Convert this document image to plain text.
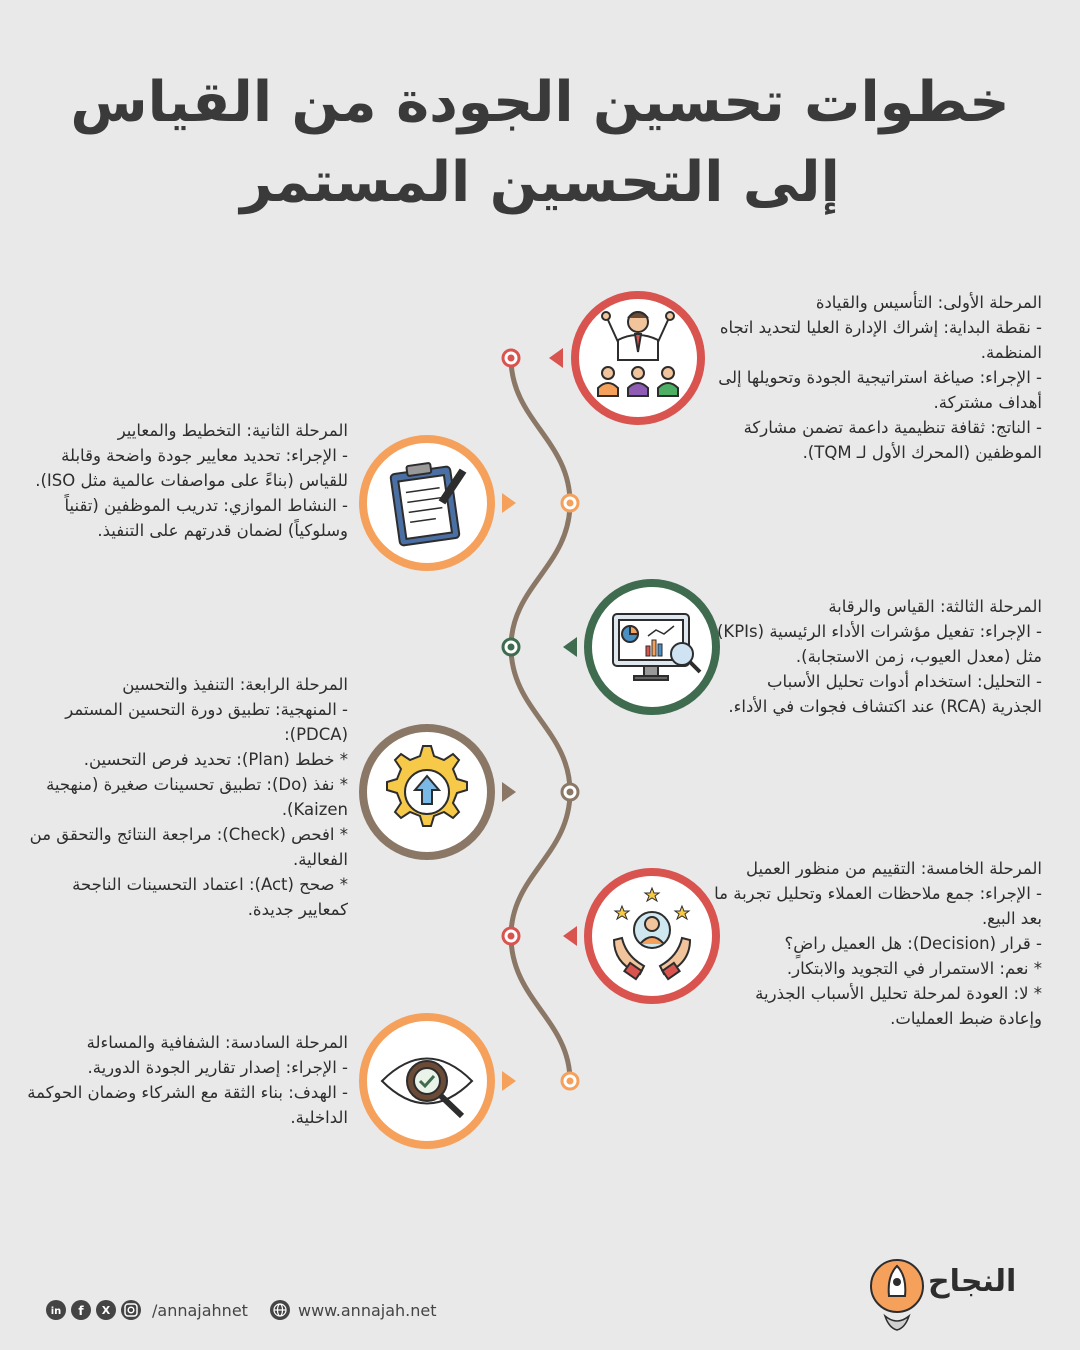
خطوات تحسين الجودة من القياس
إلى التحسين المستمر
in f X
المرحلة الأولى: التأسيس والقيادة
- نقطة البداية: إشراك الإدارة العليا لتحديد اتجاه المنظمة.
- الإجراء: صياغة استراتيجية الجودة وتحويلها إلى أهداف مشتركة.
- الناتج: ثقافة تنظيمية داعمة تضمن مشاركة الموظفين (المحرك الأول لـ TQM).
المرحلة الثانية: التخطيط والمعايير
- الإجراء: تحديد معايير جودة واضحة وقابلة للقياس (بناءً على مواصفات عالمية مثل ISO).
- النشاط الموازي: تدريب الموظفين (تقنياً وسلوكياً) لضمان قدرتهم على التنفيذ.
المرحلة الثالثة: القياس والرقابة
- الإجراء: تفعيل مؤشرات الأداء الرئيسية (KPIs) مثل (معدل العيوب، زمن الاستجابة).
- التحليل: استخدام أدوات تحليل الأسباب الجذرية (RCA) عند اكتشاف فجوات في الأداء.
المرحلة الرابعة: التنفيذ والتحسين
- المنهجية: تطبيق دورة التحسين المستمر (PDCA):
* خطط (Plan): تحديد فرص التحسين.
* نفذ (Do): تطبيق تحسينات صغيرة (منهجية Kaizen).
* افحص (Check): مراجعة النتائج والتحقق من الفعالية.
* صحح (Act): اعتماد التحسينات الناجحة كمعايير جديدة.
المرحلة الخامسة: التقييم من منظور العميل
- الإجراء: جمع ملاحظات العملاء وتحليل تجربة ما بعد البيع.
- قرار (Decision): هل العميل راضٍ؟
* نعم: الاستمرار في التجويد والابتكار.
* لا: العودة لمرحلة تحليل الأسباب الجذرية وإعادة ضبط العمليات.
المرحلة السادسة: الشفافية والمساءلة
- الإجراء: إصدار تقارير الجودة الدورية.
- الهدف: بناء الثقة مع الشركاء وضمان الحوكمة الداخلية.
/annajahnet	www.annajah.net
النجاح
